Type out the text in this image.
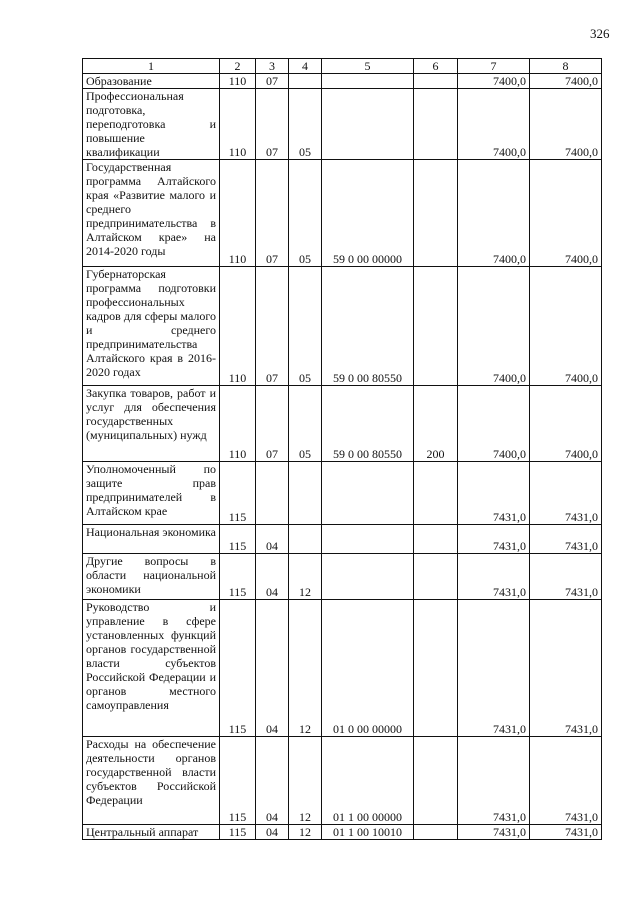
326
1	2	3	4	5	6	7	8
Образование	110	07				7400,0	7400,0
Профессиональная
подготовка, переподготовка и повышение квалификации	110	07	05			7400,0	7400,0
Государственная программа Алтайского края «Развитие малого и среднего предпринимательства в Алтайском крае» на 2014-2020 годы	110	07	05	59 0 00 00000		7400,0	7400,0
Губернаторская программа подготовки профессиональных
кадров для сферы малого и среднего предпринимательства Алтайского края в 2016-2020 годах	110	07	05	59 0 00 80550		7400,0	7400,0
Закупка товаров, работ и услуг для обеспечения государственных (муниципальных) нужд	110	07	05	59 0 00 80550	200	7400,0	7400,0
Уполномоченный по защите прав предпринимателей в Алтайском крае	115					7431,0	7431,0
Национальная экономика	115	04				7431,0	7431,0
Другие вопросы в области национальной экономики	115	04	12			7431,0	7431,0
Руководство и управление в сфере установленных функций органов государственной власти субъектов Российской Федерации и органов местного самоуправления	115	04	12	01 0 00 00000		7431,0	7431,0
Расходы на обеспечение деятельности органов государственной власти субъектов Российской Федерации	115	04	12	01 1 00 00000		7431,0	7431,0
Центральный аппарат	115	04	12	01 1 00 10010		7431,0	7431,0
